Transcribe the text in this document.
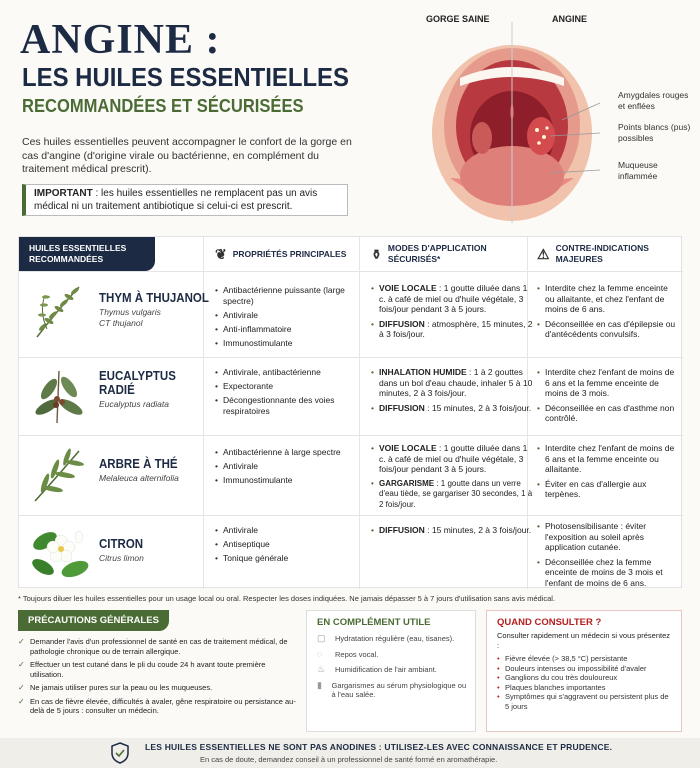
ANGINE :
LES HUILES ESSENTIELLES
RECOMMANDÉES ET SÉCURISÉES
Ces huiles essentielles peuvent accompagner le confort de la gorge en cas d'angine (d'origine virale ou bactérienne, en complément du traitement médical prescrit).
IMPORTANT : les huiles essentielles ne remplacent pas un avis médical ni un traitement antibiotique si celui-ci est prescrit.
GORGE SAINE	ANGINE
Amygdales rouges et enflées
Points blancs (pus) possibles
Muqueuse inflammée
HUILES ESSENTIELLES RECOMMANDÉES	❦ PROPRIÉTÉS PRINCIPALES ⚱ MODES D'APPLICATION SÉCURISÉS*	⚠ CONTRE-INDICATIONS MAJEURES
THYM À THUJANOL
Thymus vulgaris
CT thujanol
• Antibactérienne puissante (large spectre)
• Antivirale
• Anti-inflammatoire
• Immunostimulante
• VOIE LOCALE : 1 goutte diluée dans 1 c. à café de miel ou d'huile végétale, 3 fois/jour pendant 3 à 5 jours.
• DIFFUSION : atmosphère, 15 minutes, 2 à 3 fois/jour.
• Interdite chez la femme enceinte ou allaitante, et chez l'enfant de moins de 6 ans.
• Déconseillée en cas d'épilepsie ou d'antécédents convulsifs.
EUCALYPTUS RADIÉ
Eucalyptus radiata
• Antivirale, antibactérienne
• Expectorante
• Décongestionnante des voies respiratoires
• INHALATION HUMIDE : 1 à 2 gouttes dans un bol d'eau chaude, inhaler 5 à 10 minutes, 2 à 3 fois/jour.
• DIFFUSION : 15 minutes, 2 à 3 fois/jour.
• Interdite chez l'enfant de moins de 6 ans et la femme enceinte de moins de 3 mois.
• Déconseillée en cas d'asthme non contrôlé.
ARBRE À THÉ
Melaleuca alternifolia
• Antibactérienne à large spectre
• Antivirale
• Immunostimulante
• VOIE LOCALE : 1 goutte diluée dans 1 c. à café de miel ou d'huile végétale, 3 fois/jour pendant 3 à 5 jours.
• GARGARISME : 1 goutte dans un verre d'eau tiède, se gargariser 30 secondes, 1 à 2 fois/jour.
• Interdite chez l'enfant de moins de 6 ans et la femme enceinte ou allaitante.
• Éviter en cas d'allergie aux terpènes.
CITRON
Citrus limon
• Antivirale
• Antiseptique
• Tonique générale
• DIFFUSION : 15 minutes, 2 à 3 fois/jour.
•	Photosensibilisante : éviter l'exposition au soleil après application cutanée.
• Déconseillée chez la femme enceinte de moins de 3 mois et l'enfant de moins de 6 ans.
* Toujours diluer les huiles essentielles pour un usage local ou oral. Respecter les doses indiquées. Ne jamais dépasser 5 à 7 jours d'utilisation sans avis médical.
PRÉCAUTIONS GÉNÉRALES
✓ Demander l'avis d'un professionnel de santé en cas de traitement médical, de pathologie chronique ou de terrain allergique.
✓ Effectuer un test cutané dans le pli du coude 24 h avant toute première utilisation.
✓ Ne jamais utiliser pures sur la peau ou les muqueuses.
✓ En cas de fièvre élevée, difficultés à avaler, gêne respiratoire ou persistance au-delà de 5 jours : consulter un médecin.
EN COMPLÉMENT UTILE
▢	Hydratation régulière (eau, tisanes).
◌	Repos vocal.
♨	Humidification de l'air ambiant.
▮	Gargarismes au sérum physiologique ou à l'eau salée.
QUAND CONSULTER ?
Consulter rapidement un médecin si vous présentez :
• Fièvre élevée (> 38,5 °C) persistante
• Douleurs intenses ou impossibilité d'avaler
• Ganglions du cou très douloureux
• Plaques blanches importantes
• Symptômes qui s'aggravent ou persistent plus de 5 jours
LES HUILES ESSENTIELLES NE SONT PAS ANODINES : UTILISEZ-LES AVEC CONNAISSANCE ET PRUDENCE.
En cas de doute, demandez conseil à un professionnel de santé formé en aromathérapie.
